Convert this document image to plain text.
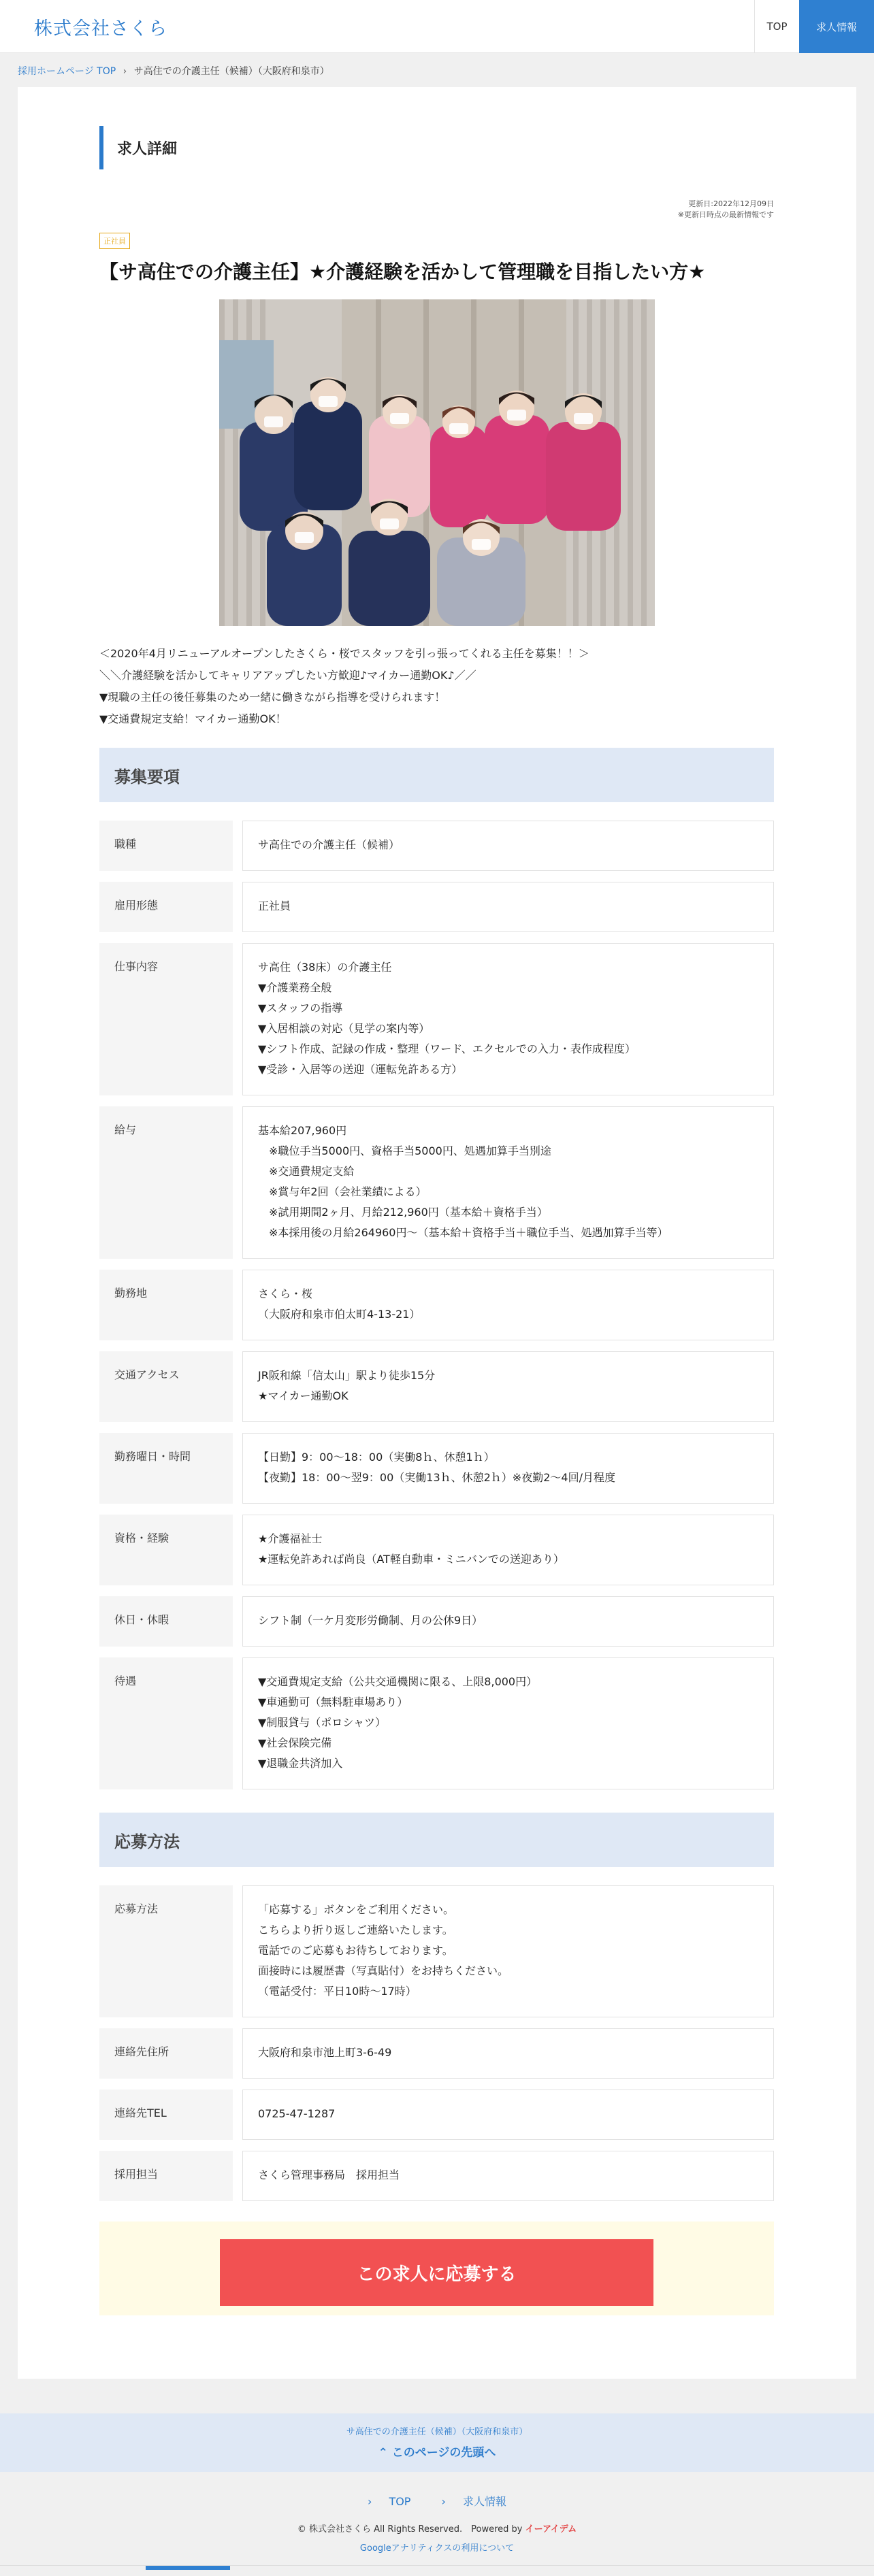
株式会社さくら	TOP	求人情報
採用ホームページ TOP › サ高住での介護主任（候補）（大阪府和泉市）
求人詳細
更新日:2022年12月09日
※更新日時点の最新情報です
正社員
【サ高住での介護主任】★介護経験を活かして管理職を目指したい方★
＜2020年4月リニューアルオープンしたさくら・桜でスタッフを引っ張ってくれる主任を募集！！＞
＼＼介護経験を活かしてキャリアアップしたい方歓迎♪マイカー通勤OK♪／／
▼現職の主任の後任募集のため一緒に働きながら指導を受けられます！
▼交通費規定支給！マイカー通勤OK！
募集要項
職種	サ高住での介護主任（候補）
雇用形態	正社員
仕事内容	サ高住（38床）の介護主任
▼介護業務全般
▼スタッフの指導
▼入居相談の対応（見学の案内等）
▼シフト作成、記録の作成・整理（ワード、エクセルでの入力・表作成程度）
▼受診・入居等の送迎（運転免許ある方）
給与	基本給207,960円
　※職位手当5000円、資格手当5000円、処遇加算手当別途
　※交通費規定支給
　※賞与年2回（会社業績による）
　※試用期間2ヶ月、月給212,960円（基本給＋資格手当）
　※本採用後の月給264960円〜（基本給＋資格手当＋職位手当、処遇加算手当等）
勤務地	さくら・桜
（大阪府和泉市伯太町4-13-21）
交通アクセス	JR阪和線「信太山」駅より徒歩15分
★マイカー通勤OK
勤務曜日・時間	【日勤】9：00〜18：00（実働8ｈ、休憩1ｈ）
【夜勤】18：00〜翌9：00（実働13ｈ、休憩2ｈ）※夜勤2〜4回/月程度
資格・経験	★介護福祉士
★運転免許あれば尚良（AT軽自動車・ミニバンでの送迎あり）
休日・休暇	シフト制（一ケ月変形労働制、月の公休9日）
待遇	▼交通費規定支給（公共交通機関に限る、上限8,000円）
▼車通勤可（無料駐車場あり）
▼制服貸与（ポロシャツ）
▼社会保険完備
▼退職金共済加入
応募方法
応募方法	「応募する」ボタンをご利用ください。
こちらより折り返しご連絡いたします。
電話でのご応募もお待ちしております。
面接時には履歴書（写真貼付）をお持ちください。
（電話受付：平日10時〜17時）
連絡先住所	大阪府和泉市池上町3-6-49
連絡先TEL	0725-47-1287
採用担当	さくら管理事務局　採用担当
この求人に応募する
サ高住での介護主任（候補）（大阪府和泉市）
⌃ このページの先頭へ
› TOP	› 求人情報
© 株式会社さくら All Rights Reserved.　Powered by イーアイデム
Googleアナリティクスの利用について
